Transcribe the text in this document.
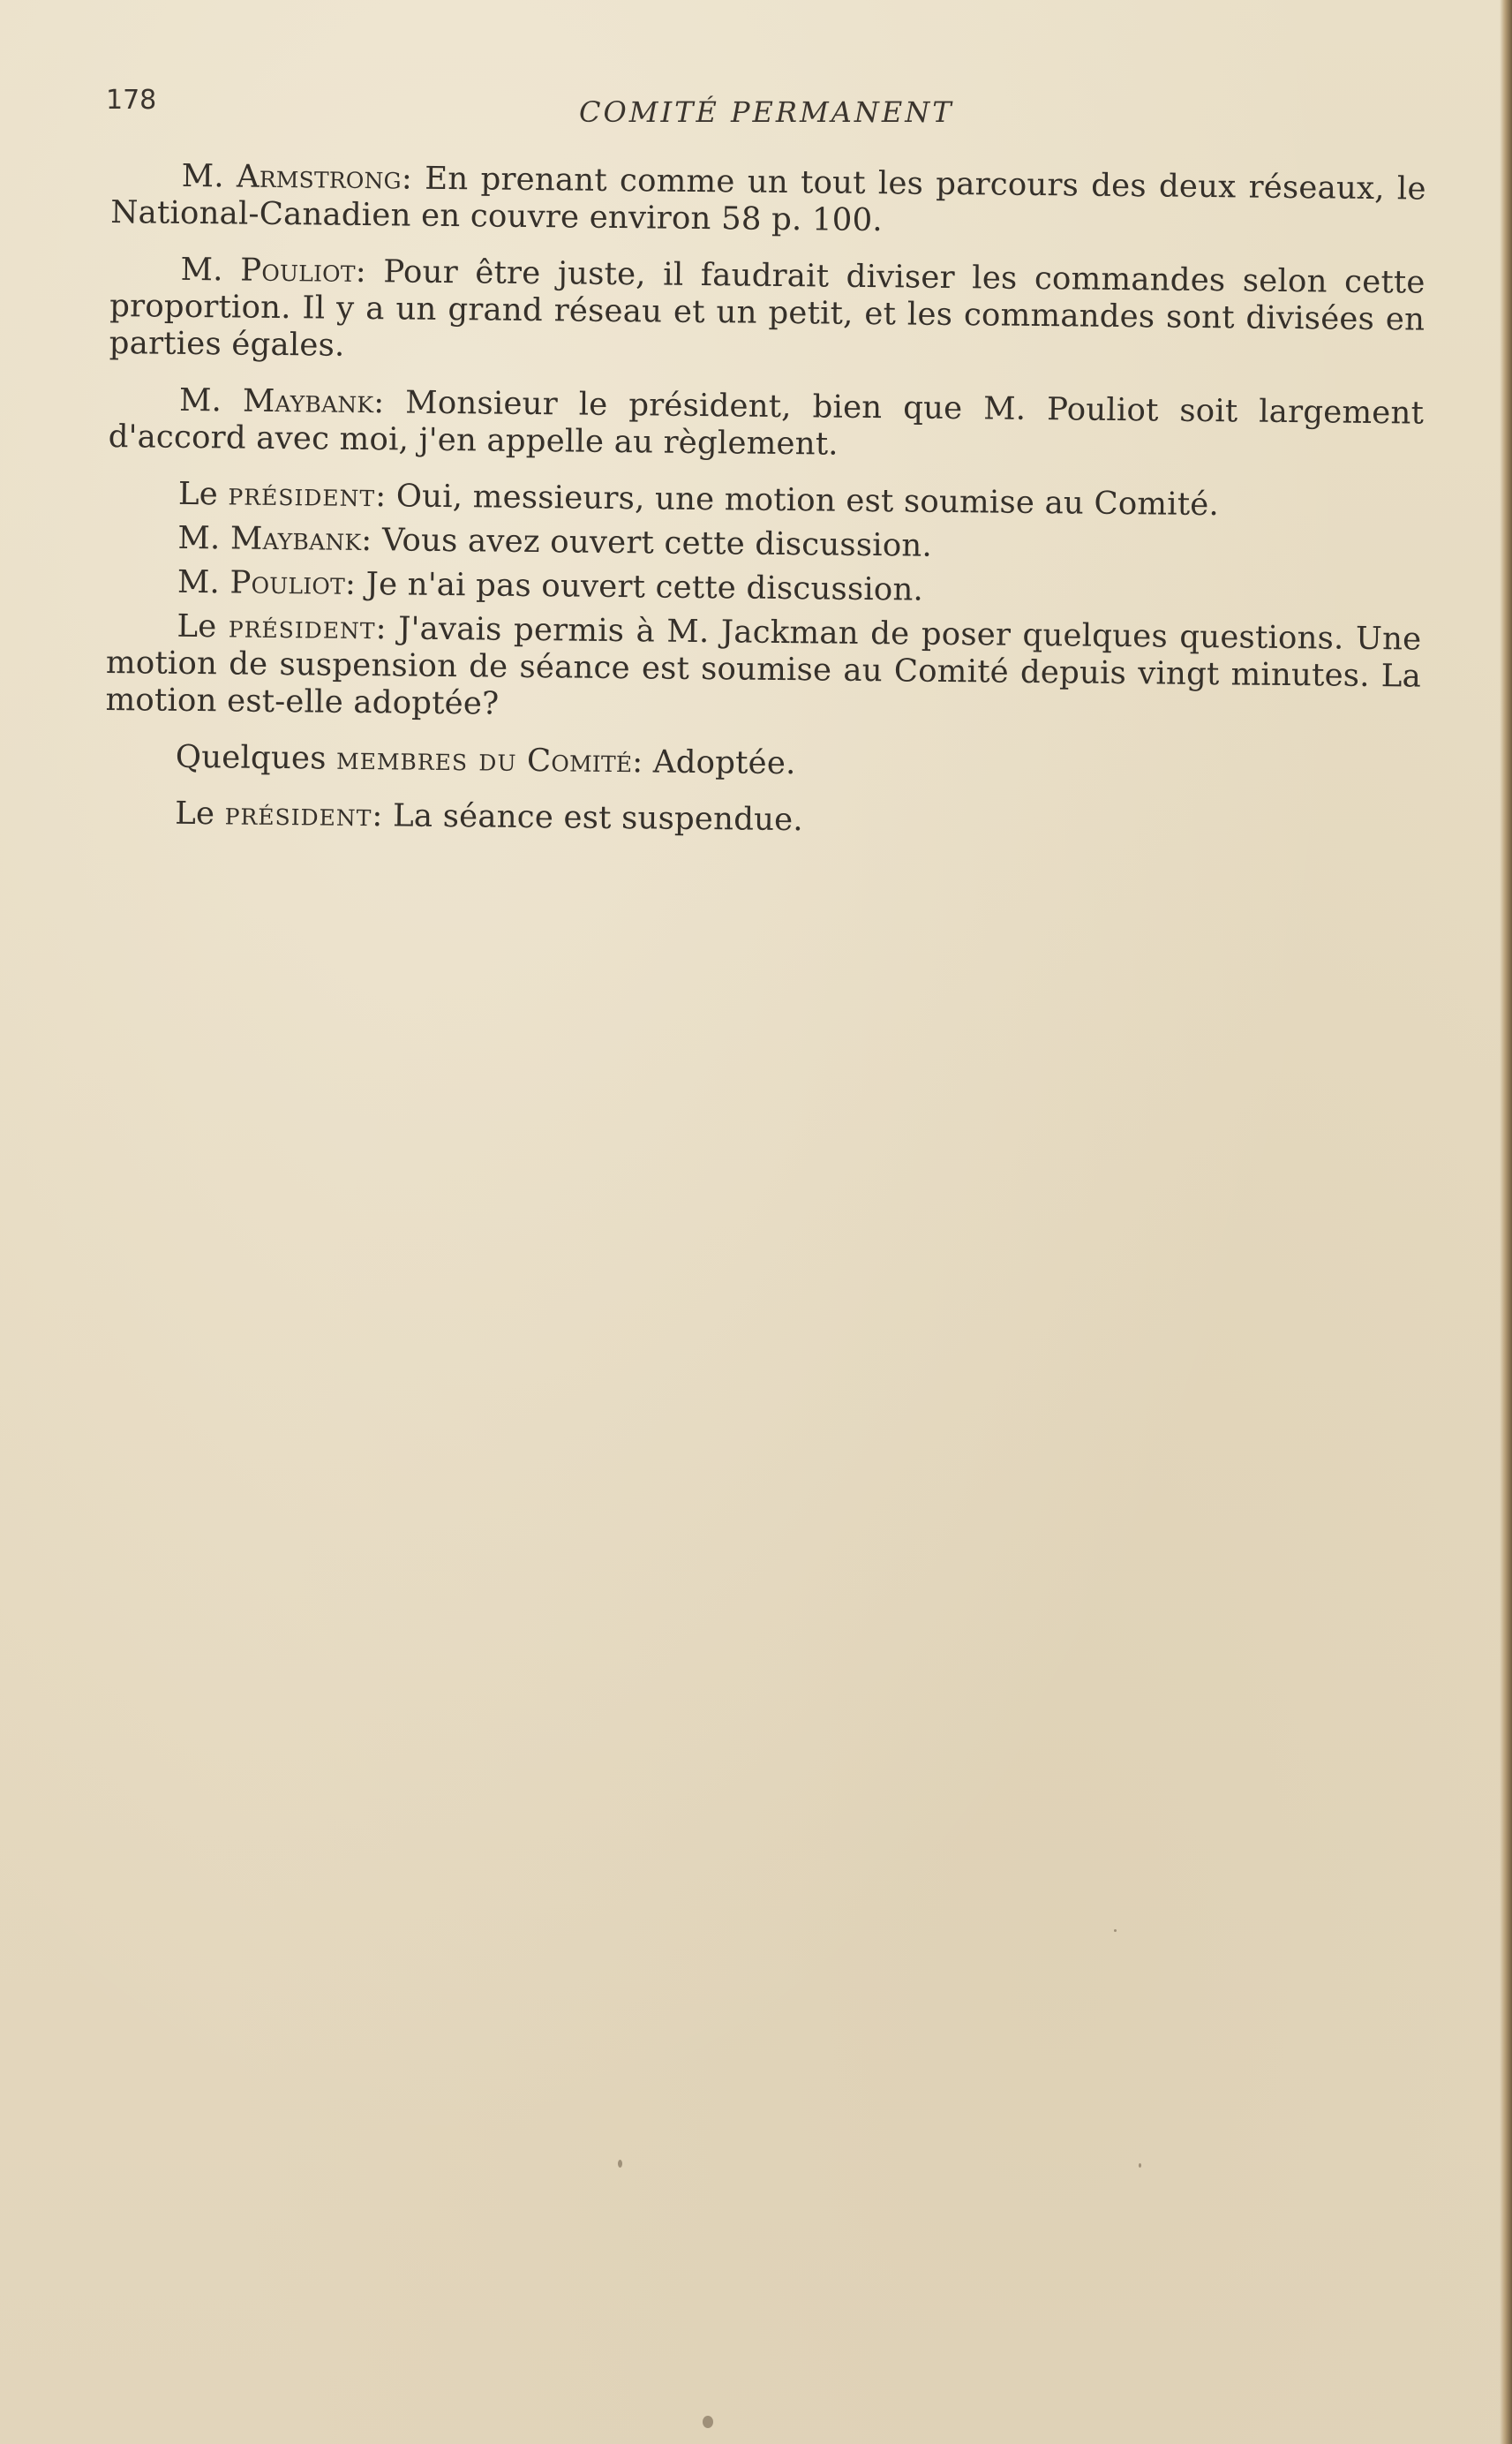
178	COMITÉ PERMANENT

M. Armstrong: En prenant comme un tout les parcours des deux réseaux, le National-Canadien en couvre environ 58 p. 100.

M. Pouliot: Pour être juste, il faudrait diviser les commandes selon cette proportion. Il y a un grand réseau et un petit, et les commandes sont divisées en parties égales.

M. Maybank: Monsieur le président, bien que M. Pouliot soit largement d'accord avec moi, j'en appelle au règlement.

Le président: Oui, messieurs, une motion est soumise au Comité.

M. Maybank: Vous avez ouvert cette discussion.

M. Pouliot: Je n'ai pas ouvert cette discussion.

Le président: J'avais permis à M. Jackman de poser quelques questions. Une motion de suspension de séance est soumise au Comité depuis vingt minutes. La motion est-elle adoptée?

Quelques membres du Comité: Adoptée.

Le président: La séance est suspendue.
